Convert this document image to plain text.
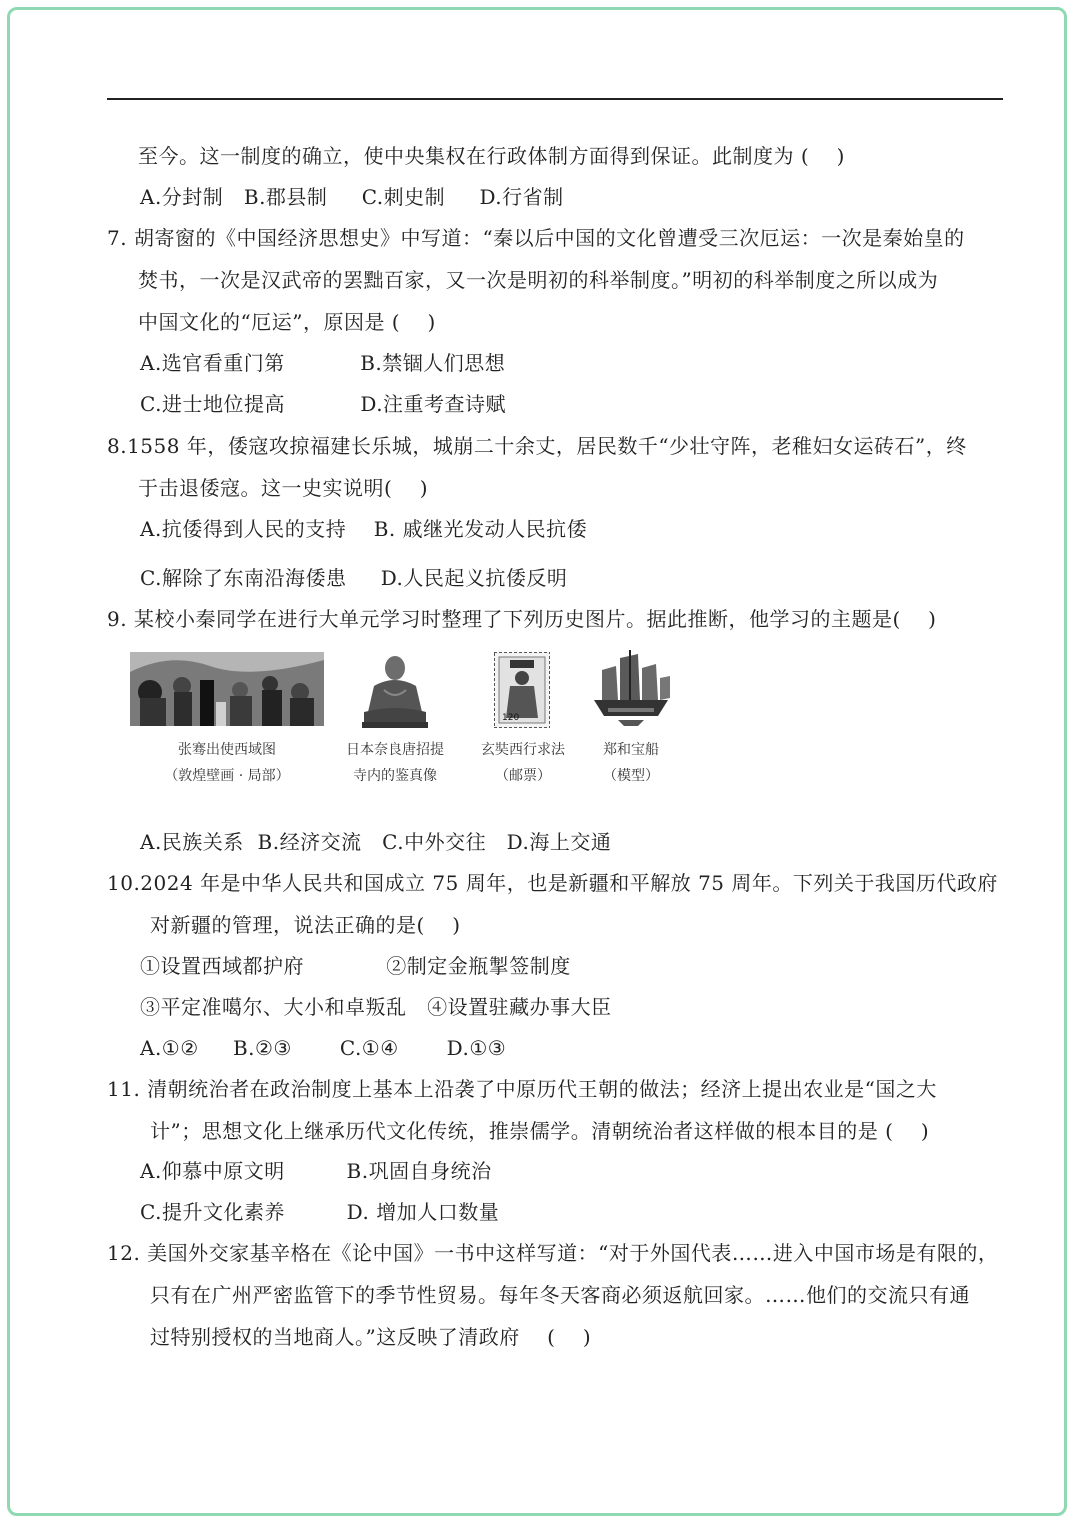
至今。这一制度的确立，使中央集权在行政体制方面得到保证。此制度为 (    )
A.分封制   B.郡县制     C.刺史制     D.行省制
7. 胡寄窗的《中国经济思想史》中写道：“秦以后中国的文化曾遭受三次厄运：一次是秦始皇的
焚书，一次是汉武帝的罢黜百家，又一次是明初的科举制度。”明初的科举制度之所以成为
中国文化的“厄运”，原因是 (    )
A.选官看重门第           B.禁锢人们思想
C.进士地位提高           D.注重考查诗赋
8.1558 年，倭寇攻掠福建长乐城，城崩二十余丈，居民数千“少壮守阵，老稚妇女运砖石”，终
于击退倭寇。这一史实说明(    )
A.抗倭得到人民的支持    B. 戚继光发动人民抗倭
C.解除了东南沿海倭患     D.人民起义抗倭反明
9. 某校小秦同学在进行大单元学习时整理了下列历史图片。据此推断，他学习的主题是(    )
120
张骞出使西域图
（敦煌壁画 · 局部）
日本奈良唐招提
寺内的鉴真像
玄奘西行求法
（邮票）
郑和宝船
（模型）
A.民族关系  B.经济交流   C.中外交往   D.海上交通
10.2024 年是中华人民共和国成立 75 周年，也是新疆和平解放 75 周年。下列关于我国历代政府
对新疆的管理，说法正确的是(    )
①设置西域都护府            ②制定金瓶掣签制度
③平定准噶尔、大小和卓叛乱   ④设置驻藏办事大臣
A.①②     B.②③       C.①④       D.①③
11. 清朝统治者在政治制度上基本上沿袭了中原历代王朝的做法；经济上提出农业是“国之大
计”；思想文化上继承历代文化传统，推崇儒学。清朝统治者这样做的根本目的是 (    )
A.仰慕中原文明         B.巩固自身统治
C.提升文化素养         D. 增加人口数量
12. 美国外交家基辛格在《论中国》一书中这样写道：“对于外国代表……进入中国市场是有限的，
只有在广州严密监管下的季节性贸易。每年冬天客商必须返航回家。……他们的交流只有通
过特别授权的当地商人。”这反映了清政府    (    )
